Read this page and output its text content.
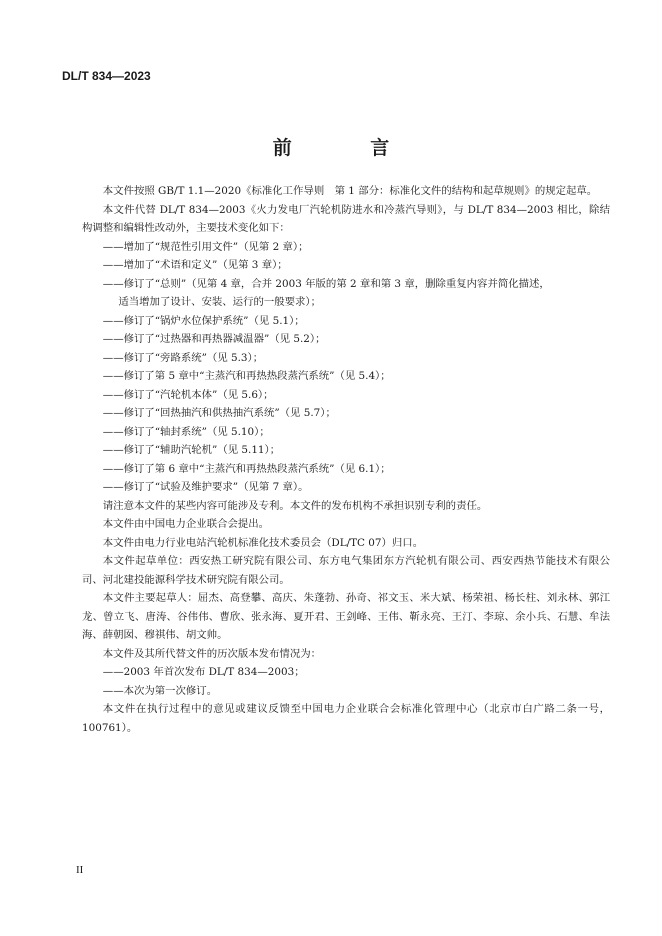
DL/T 834—2023
前 言

本文件按照 GB/T 1.1—2020《标准化工作导则　第 1 部分：标准化文件的结构和起草规则》的规定起草。

本文件代替 DL/T 834—2003《火力发电厂汽轮机防进水和冷蒸汽导则》，与 DL/T 834—2003 相比，除结构调整和编辑性改动外，主要技术变化如下：

——增加了“规范性引用文件”（见第 2 章）；

——增加了“术语和定义”（见第 3 章）；

——修订了“总则”（见第 4 章，合并 2003 年版的第 2 章和第 3 章，删除重复内容并简化描述，

适当增加了设计、安装、运行的一般要求）；

——修订了“锅炉水位保护系统”（见 5.1）；

——修订了“过热器和再热器减温器”（见 5.2）；

——修订了“旁路系统”（见 5.3）；

——修订了第 5 章中“主蒸汽和再热热段蒸汽系统”（见 5.4）；

——修订了“汽轮机本体”（见 5.6）；

——修订了“回热抽汽和供热抽汽系统”（见 5.7）；

——修订了“轴封系统”（见 5.10）；

——修订了“辅助汽轮机”（见 5.11）；

——修订了第 6 章中“主蒸汽和再热热段蒸汽系统”（见 6.1）；

——修订了“试验及维护要求”（见第 7 章）。

请注意本文件的某些内容可能涉及专利。本文件的发布机构不承担识别专利的责任。

本文件由中国电力企业联合会提出。

本文件由电力行业电站汽轮机标准化技术委员会（DL/TC 07）归口。

本文件起草单位：西安热工研究院有限公司、东方电气集团东方汽轮机有限公司、西安西热节能技术有限公司、河北建投能源科学技术研究院有限公司。

本文件主要起草人：屈杰、高登攀、高庆、朱蓬勃、孙奇、祁文玉、米大斌、杨荣祖、杨长柱、刘永林、郭江龙、曾立飞、唐涛、谷伟伟、曹欣、张永海、夏开君、王剑峰、王伟、靳永亮、王汀、李琼、余小兵、石慧、牟法海、薛朝囡、穆祺伟、胡文帅。

本文件及其所代替文件的历次版本发布情况为：

——2003 年首次发布 DL/T 834—2003；

——本次为第一次修订。

本文件在执行过程中的意见或建议反馈至中国电力企业联合会标准化管理中心（北京市白广路二条一号，100761）。

II
